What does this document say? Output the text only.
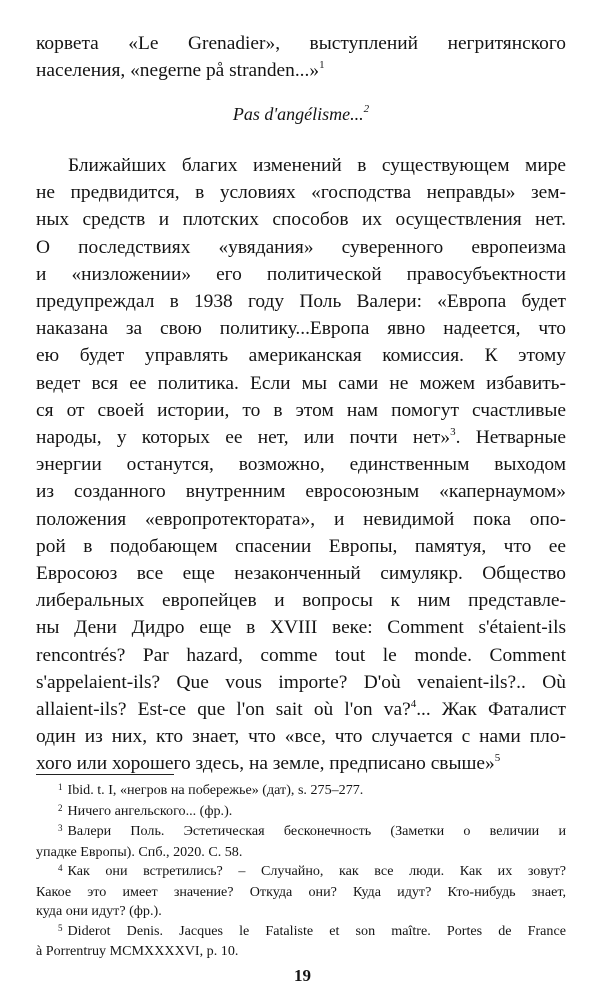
корвета «Le Grenadier», выступлений негритянского
населения, «negerne på stranden...»$^1$
Pas d'angélisme...$^2$
Ближайших благих изменений в существующем мире
не предвидится, в условиях «господства неправды» зем-
ных средств и плотских способов их осуществления нет.
О последствиях «увядания» суверенного европеизма
и «низложении» его политической правосубъектности
предупреждал в 1938 году Поль Валери: «Европа будет
наказана за свою политику...Европа явно надеется, что
ею будет управлять американская комиссия. К этому
ведет вся ее политика. Если мы сами не можем избавить-
ся от своей истории, то в этом нам помогут счастливые
народы, у которых ее нет, или почти нет»$^3$. Нетварные
энергии останутся, возможно, единственным выходом
из созданного внутренним евросоюзным «капернаумом»
положения «европротектората», и невидимой пока опо-
рой в подобающем спасении Европы, памятуя, что ее
Евросоюз все еще незаконченный симулякр. Общество
либеральных европейцев и вопросы к ним представле-
ны Дени Дидро еще в XVIII веке: Comment s'étaient-ils
rencontrés? Par hazard, comme tout le monde. Comment
s'appelaient-ils? Que vous importe? D'où venaient-ils?.. Où
allaient-ils? Est-ce que l'on sait où l'on va?$^4$... Жак Фаталист
один из них, кто знает, что «все, что случается с нами пло-
хого или хорошего здесь, на земле, предписано свыше»$^5$
$^1$ Ibid. t. I, «негров на побережье» (дат), s. 275–277.
$^2$ Ничего ангельского... (фр.).
$^3$ Валери Поль. Эстетическая бесконечность (Заметки о величии и
упадке Европы). Спб., 2020. С. 58.
$^4$ Как они встретились? – Случайно, как все люди. Как их зовут?
Какое это имеет значение? Откуда они? Куда идут? Кто-нибудь знает,
куда они идут? (фр.).
$^5$ Diderot Denis. Jacques le Fataliste et son maître. Portes de France
à Porrentruy MCMXXXXVI, p. 10.
19
